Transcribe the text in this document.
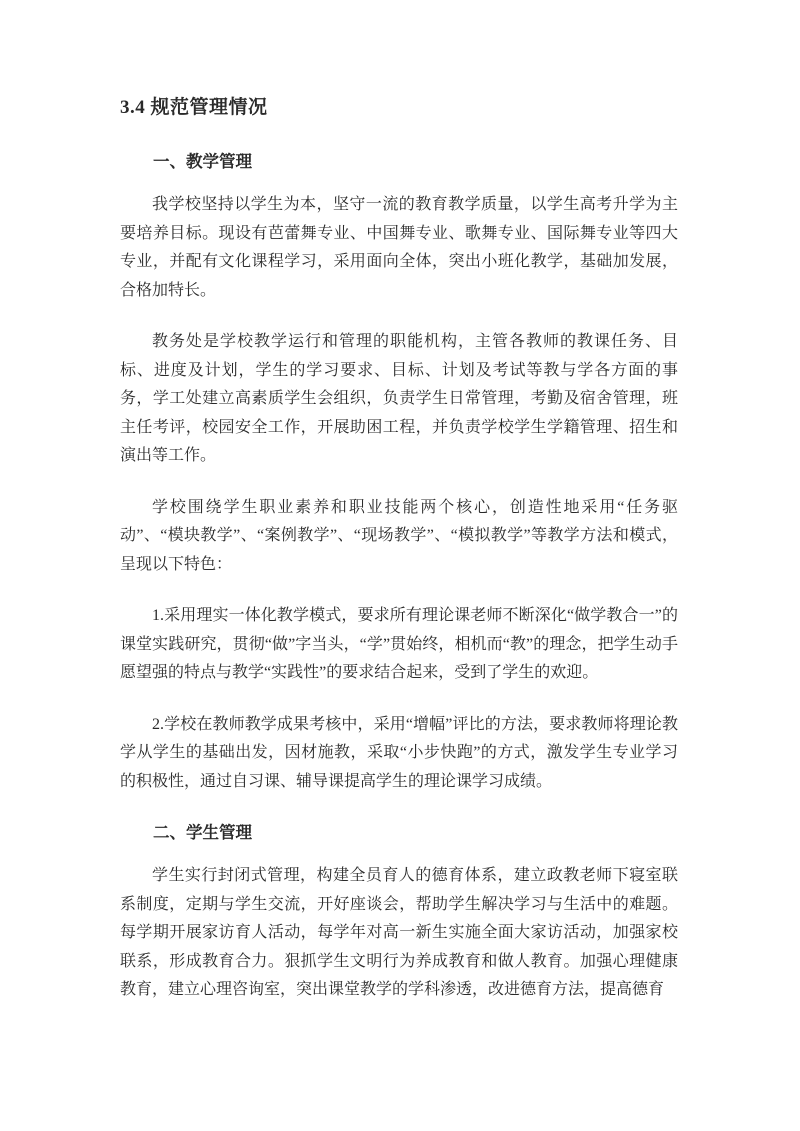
3.4 规范管理情况
一、教学管理

我学校坚持以学生为本，坚守一流的教育教学质量，以学生高考升学为主要培养目标。现设有芭蕾舞专业、中国舞专业、歌舞专业、国际舞专业等四大专业，并配有文化课程学习，采用面向全体，突出小班化教学，基础加发展，合格加特长。

教务处是学校教学运行和管理的职能机构，主管各教师的教课任务、目标、进度及计划，学生的学习要求、目标、计划及考试等教与学各方面的事务，学工处建立高素质学生会组织，负责学生日常管理，考勤及宿舍管理，班主任考评，校园安全工作，开展助困工程，并负责学校学生学籍管理、招生和演出等工作。

学校围绕学生职业素养和职业技能两个核心，创造性地采用“任务驱动”、“模块教学”、“案例教学”、“现场教学”、“模拟教学”等教学方法和模式，呈现以下特色：

1.采用理实一体化教学模式，要求所有理论课老师不断深化“做学教合一”的课堂实践研究，贯彻“做”字当头，“学”贯始终，相机而“教”的理念，把学生动手愿望强的特点与教学“实践性”的要求结合起来，受到了学生的欢迎。

2.学校在教师教学成果考核中，采用“增幅”评比的方法，要求教师将理论教学从学生的基础出发，因材施教，采取“小步快跑”的方式，激发学生专业学习的积极性，通过自习课、辅导课提高学生的理论课学习成绩。

二、学生管理

学生实行封闭式管理，构建全员育人的德育体系，建立政教老师下寝室联系制度，定期与学生交流，开好座谈会，帮助学生解决学习与生活中的难题。每学期开展家访育人活动，每学年对高一新生实施全面大家访活动，加强家校联系，形成教育合力。狠抓学生文明行为养成教育和做人教育。加强心理健康教育，建立心理咨询室，突出课堂教学的学科渗透，改进德育方法，提高德育
